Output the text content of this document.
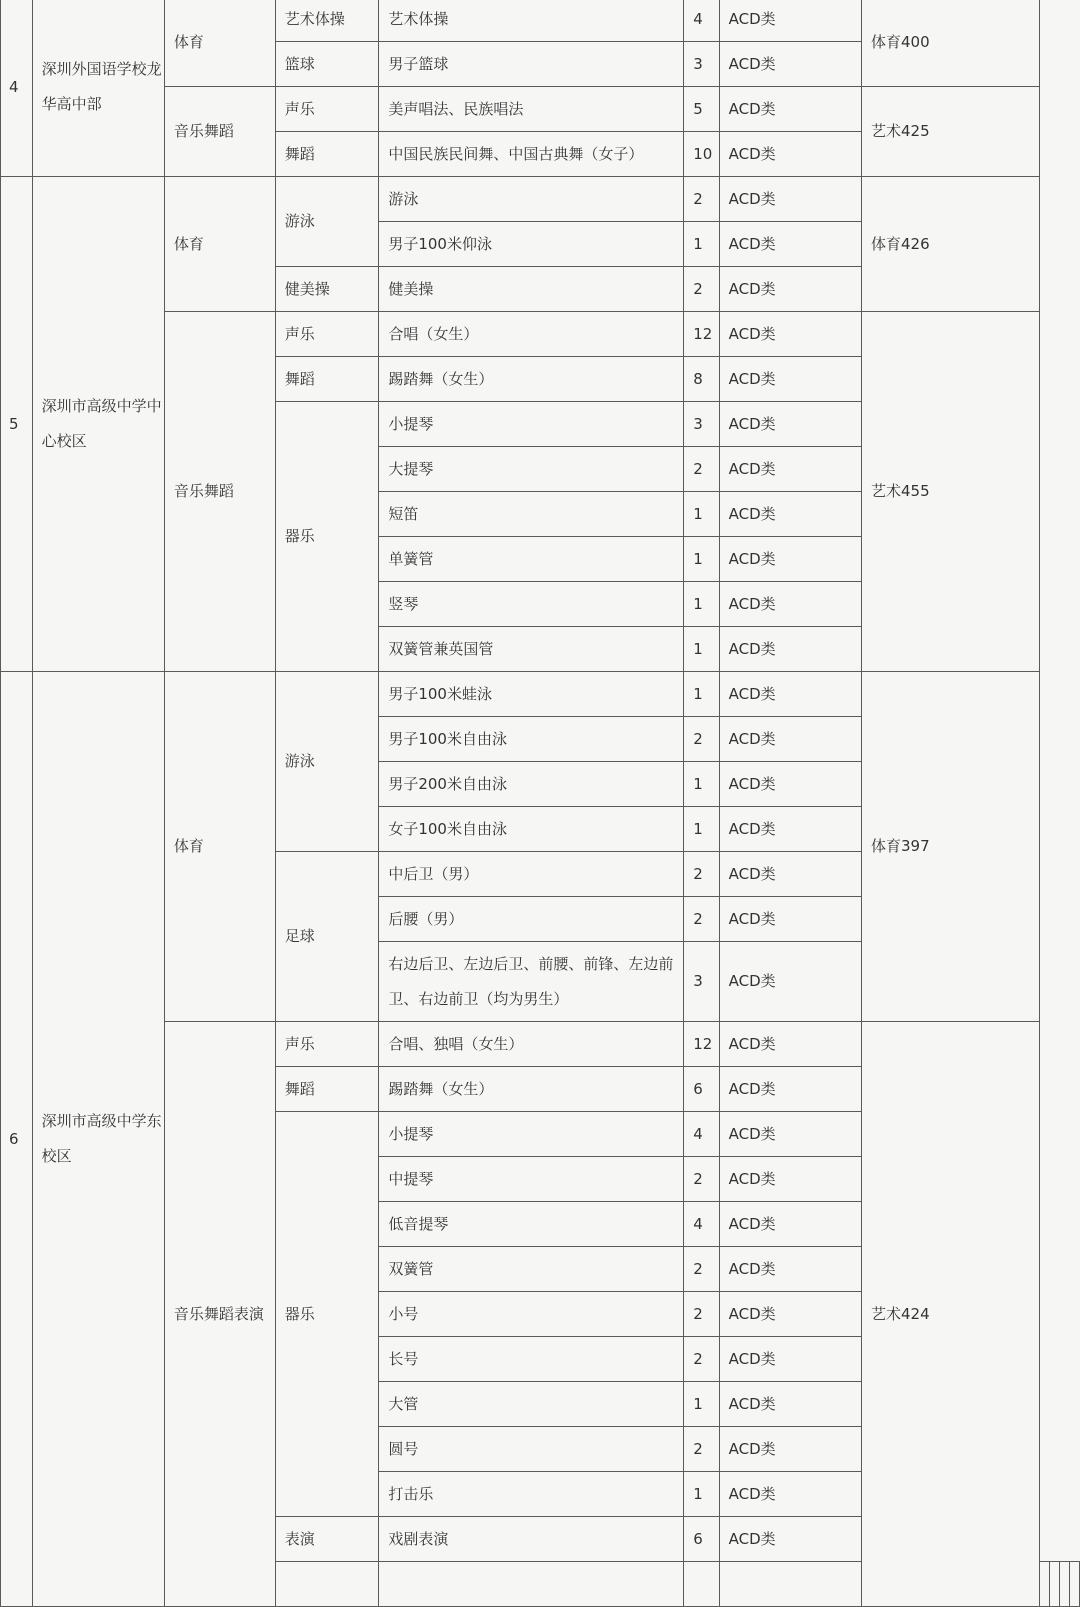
4	深圳外国语学校龙华高中部	体育	艺术体操	艺术体操	4	ACD类	体育400				
			篮球	男子篮球	3	ACD类					
		音乐舞蹈	声乐	美声唱法、民族唱法	5	ACD类	艺术425				
			舞蹈	中国民族民间舞、中国古典舞（女子）	10	ACD类					
5	深圳市高级中学中心校区	体育	游泳	游泳	2	ACD类	体育426				
				男子100米仰泳	1	ACD类					
			健美操	健美操	2	ACD类					
		音乐舞蹈	声乐	合唱（女生）	12	ACD类	艺术455				
			舞蹈	踢踏舞（女生）	8	ACD类					
			器乐	小提琴	3	ACD类					
				大提琴	2	ACD类					
				短笛	1	ACD类					
				单簧管	1	ACD类					
				竖琴	1	ACD类					
				双簧管兼英国管	1	ACD类					
6	深圳市高级中学东校区	体育	游泳	男子100米蛙泳	1	ACD类	体育397				
				男子100米自由泳	2	ACD类					
				男子200米自由泳	1	ACD类					
				女子100米自由泳	1	ACD类					
			足球	中后卫（男）	2	ACD类					
				后腰（男）	2	ACD类					
				右边后卫、左边后卫、前腰、前锋、左边前卫、右边前卫（均为男生）	3	ACD类					
		音乐舞蹈表演	声乐	合唱、独唱（女生）	12	ACD类	艺术424				
			舞蹈	踢踏舞（女生）	6	ACD类					
			器乐	小提琴	4	ACD类					
				中提琴	2	ACD类					
				低音提琴	4	ACD类					
				双簧管	2	ACD类					
				小号	2	ACD类					
				长号	2	ACD类					
				大管	1	ACD类					
				圆号	2	ACD类					
				打击乐	1	ACD类					
			表演	戏剧表演	6	ACD类					
